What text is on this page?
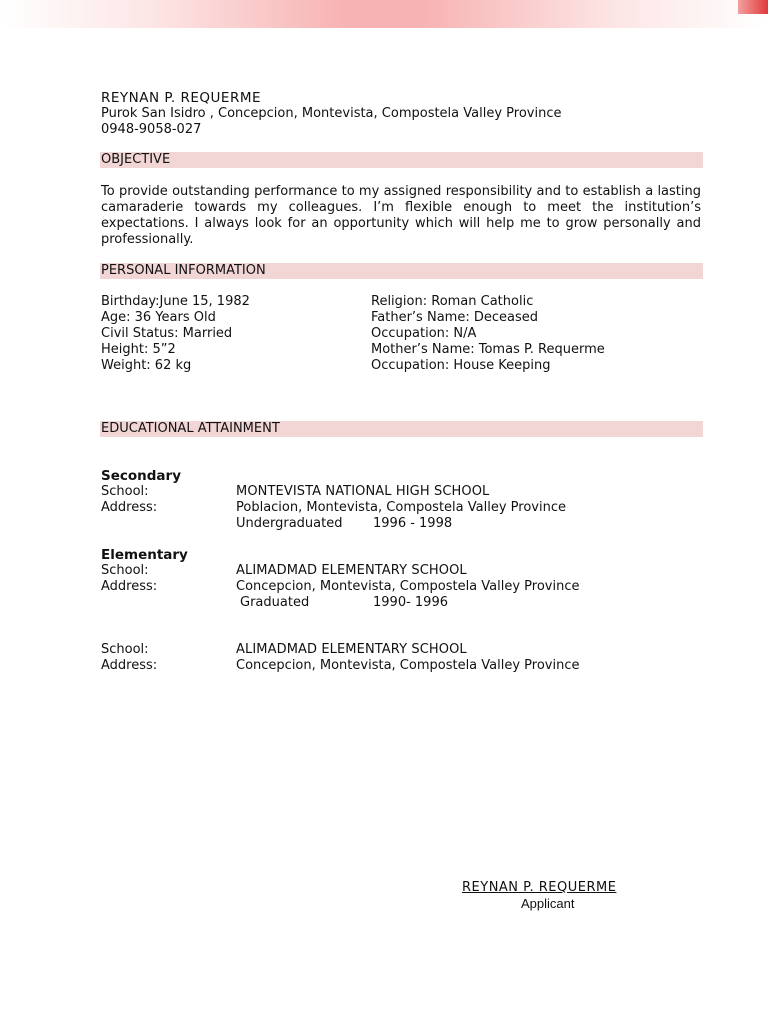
REYNAN P. REQUERME
Purok San Isidro , Concepcion, Montevista, Compostela Valley Province
0948-9058-027
OBJECTIVE
To provide outstanding performance to my assigned responsibility and to establish a lasting camaraderie towards my colleagues. I’m flexible enough to meet the institution’s expectations. I always look for an opportunity which will help me to grow personally and professionally.
PERSONAL INFORMATION
Birthday:June 15, 1982
Age: 36 Years Old
Civil Status: Married
Height: 5”2
Weight: 62 kg
Religion: Roman Catholic
Father’s Name: Deceased
Occupation: N/A
Mother’s Name: Tomas P. Requerme
Occupation: House Keeping
EDUCATIONAL ATTAINMENT
Secondary
School:	MONTEVISTA NATIONAL HIGH SCHOOL
Address:	Poblacion, Montevista, Compostela Valley Province
Undergraduated 1996 - 1998
Elementary
School:	ALIMADMAD ELEMENTARY SCHOOL
Address:	Concepcion, Montevista, Compostela Valley Province
Graduated	1990- 1996
School:	ALIMADMAD ELEMENTARY SCHOOL
Address:	Concepcion, Montevista, Compostela Valley Province
REYNAN P. REQUERME
Applicant
